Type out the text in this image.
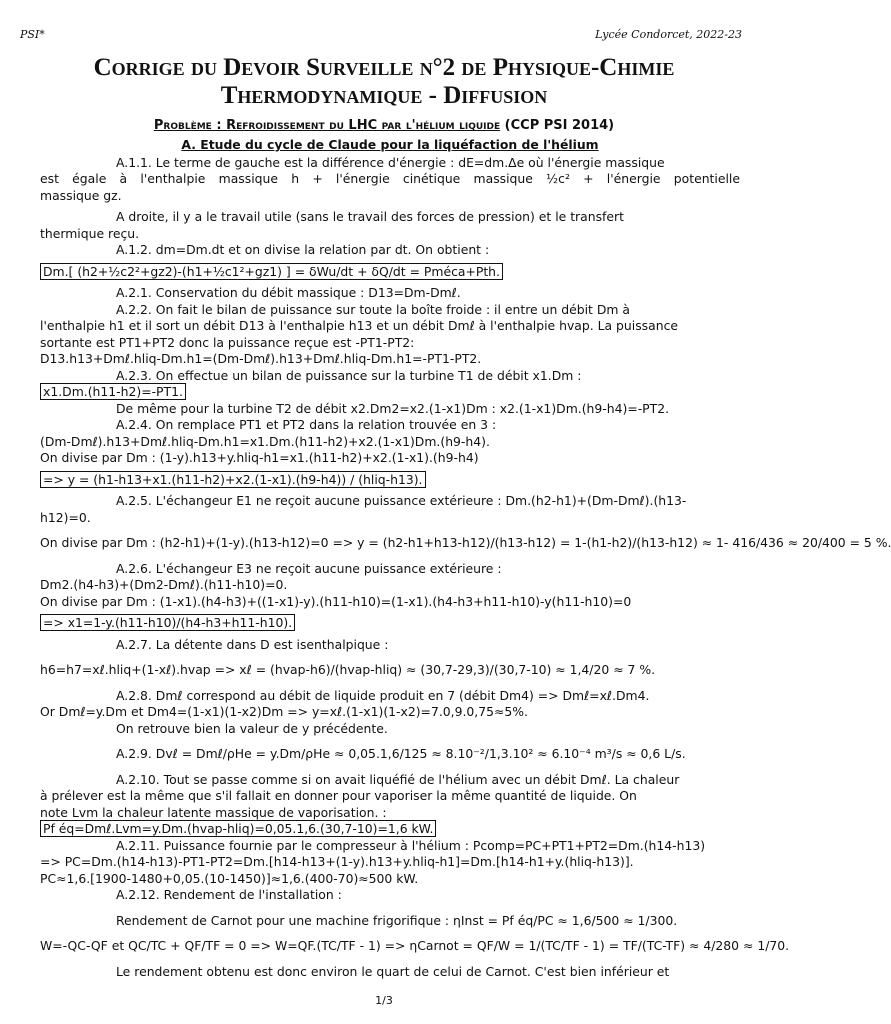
PSI*	Lycée Condorcet, 2022-23
Corrige du Devoir Surveille n°2 de Physique-Chimie
Thermodynamique - Diffusion
Problème : Refroidissement du LHC par l'hélium liquide (CCP PSI 2014)
A. Etude du cycle de Claude pour la liquéfaction de l'hélium
A.1.1. Le terme de gauche est la différence d'énergie : dE=dm.Δe où l'énergie massique
est égale à l'enthalpie massique h + l'énergie cinétique massique ½c² + l'énergie potentielle
massique gz.
A droite, il y a le travail utile (sans le travail des forces de pression) et le transfert
thermique reçu.
A.1.2. dm=Dm.dt et on divise la relation par dt. On obtient :
Dm.[ (h2+½c2²+gz2)-(h1+½c1²+gz1) ] = δWu/dt + δQ/dt = Pméca+Pth.
A.2.1. Conservation du débit massique : D13=Dm-Dmℓ.
A.2.2. On fait le bilan de puissance sur toute la boîte froide : il entre un débit Dm à
l'enthalpie h1 et il sort un débit D13 à l'enthalpie h13 et un débit Dmℓ à l'enthalpie hvap. La puissance
sortante est PT1+PT2 donc la puissance reçue est -PT1-PT2:
D13.h13+Dmℓ.hliq-Dm.h1=(Dm-Dmℓ).h13+Dmℓ.hliq-Dm.h1=-PT1-PT2.
A.2.3. On effectue un bilan de puissance sur la turbine T1 de débit x1.Dm :
x1.Dm.(h11-h2)=-PT1.
De même pour la turbine T2 de débit x2.Dm2=x2.(1-x1)Dm : x2.(1-x1)Dm.(h9-h4)=-PT2.
A.2.4. On remplace PT1 et PT2 dans la relation trouvée en 3 :
(Dm-Dmℓ).h13+Dmℓ.hliq-Dm.h1=x1.Dm.(h11-h2)+x2.(1-x1)Dm.(h9-h4).
On divise par Dm : (1-y).h13+y.hliq-h1=x1.(h11-h2)+x2.(1-x1).(h9-h4)
=> y = (h1-h13+x1.(h11-h2)+x2.(1-x1).(h9-h4)) / (hliq-h13).
A.2.5. L'échangeur E1 ne reçoit aucune puissance extérieure : Dm.(h2-h1)+(Dm-Dmℓ).(h13-
h12)=0.
On divise par Dm : (h2-h1)+(1-y).(h13-h12)=0 => y = (h2-h1+h13-h12)/(h13-h12) = 1-(h1-h2)/(h13-h12) ≈ 1- 416/436 ≈ 20/400 = 5 %.
A.2.6. L'échangeur E3 ne reçoit aucune puissance extérieure :
Dm2.(h4-h3)+(Dm2-Dmℓ).(h11-h10)=0.
On divise par Dm : (1-x1).(h4-h3)+((1-x1)-y).(h11-h10)=(1-x1).(h4-h3+h11-h10)-y(h11-h10)=0
=> x1=1-y.(h11-h10)/(h4-h3+h11-h10).
A.2.7. La détente dans D est isenthalpique :
h6=h7=xℓ.hliq+(1-xℓ).hvap => xℓ = (hvap-h6)/(hvap-hliq) ≈ (30,7-29,3)/(30,7-10) ≈ 1,4/20 ≈ 7 %.
A.2.8. Dmℓ correspond au débit de liquide produit en 7 (débit Dm4) => Dmℓ=xℓ.Dm4.
Or Dmℓ=y.Dm et Dm4=(1-x1)(1-x2)Dm => y=xℓ.(1-x1)(1-x2)=7.0,9.0,75≈5%.
On retrouve bien la valeur de y précédente.
A.2.9. Dvℓ = Dmℓ/ρHe = y.Dm/ρHe ≈ 0,05.1,6/125 ≈ 8.10⁻²/1,3.10² ≈ 6.10⁻⁴ m³/s ≈ 0,6 L/s.
A.2.10. Tout se passe comme si on avait liquéfié de l'hélium avec un débit Dmℓ. La chaleur
à prélever est la même que s'il fallait en donner pour vaporiser la même quantité de liquide. On
note Lvm la chaleur latente massique de vaporisation. :
Pf éq=Dmℓ.Lvm=y.Dm.(hvap-hliq)=0,05.1,6.(30,7-10)=1,6 kW.
A.2.11. Puissance fournie par le compresseur à l'hélium : Pcomp=PC+PT1+PT2=Dm.(h14-h13)
=> PC=Dm.(h14-h13)-PT1-PT2=Dm.[h14-h13+(1-y).h13+y.hliq-h1]=Dm.[h14-h1+y.(hliq-h13)].
PC≈1,6.[1900-1480+0,05.(10-1450)]≈1,6.(400-70)≈500 kW.
A.2.12. Rendement de l'installation :
Rendement de Carnot pour une machine frigorifique : ηInst = Pf éq/PC ≈ 1,6/500 ≈ 1/300.
W=-QC-QF et QC/TC + QF/TF = 0 => W=QF.(TC/TF - 1) => ηCarnot = QF/W = 1/(TC/TF - 1) = TF/(TC-TF) ≈ 4/280 ≈ 1/70.
Le rendement obtenu est donc environ le quart de celui de Carnot. C'est bien inférieur et
1/3
